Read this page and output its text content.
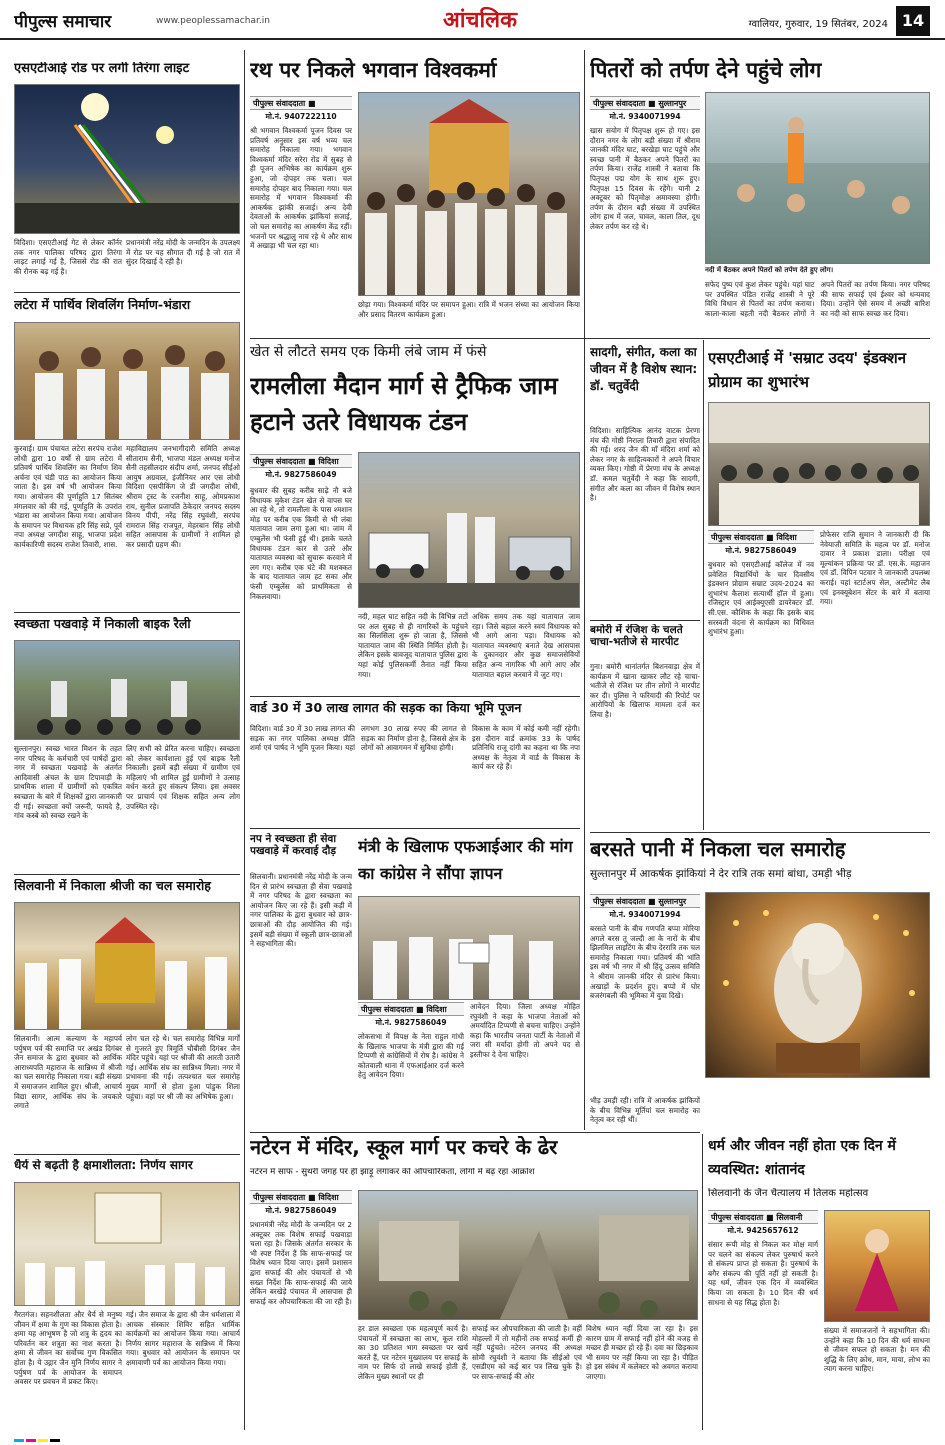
पीपुल्स समाचार	www.peoplessamachar.in	आंचलिक	ग्वालियर, गुरुवार, 19 सितंबर, 2024 14
एसएटीआई रोड पर लगी तिरंगा लाइट
विदिशा। एसएटीआई गेट से लेकर कॉर्नर तक नगर पालिका परिषद द्वारा तिरंगा लाइट लगाई गई है, जिससे रोड की रात की रौनक बढ़ गई है।
प्रधानमंत्री नरेंद्र मोदी के जन्मदिन के उपलक्ष्य में रोड पर यह सौगात दी गई है जो रात में सुंदर दिखाई दे रही है।
लटेरा में पार्थिव शिवलिंग निर्माण-भंडारा
कुरवाई। ग्राम पंचायत लटेरा सरपंच राजेश लोधी द्वारा 10 वर्षों से ग्राम लटेरा में प्रतिवर्ष पार्थिव शिवलिंग का निर्माण शिव अर्चना एवं चंडी पाठ का आयोजन किया जाता है। इस वर्ष भी आयोजन किया गया। आयोजन की पूर्णाहुति 17 सितंबर मंगलवार को की गई, पूर्णाहुति के उपरांत भंडारा का आयोजन किया गया। आयोजन के समापन पर विधायक हरि सिंह सप्रे, पूर्व नपा अध्यक्ष जगदीश साहू, भाजपा प्रदेश कार्यकारिणी सदस्य राजेश तिवारी, शास.
महाविद्यालय जनभागीदारी समिति अध्यक्ष सीताराम सैनी, भाजपा मंडल अध्यक्ष मनोज सैनी तहसीलदार संदीप शर्मा, जनपद सीईओ आयुष अग्रवाल, इंजीनियर आर एस लोधी विदिशा एसपीकिंग जे डी जगदीश लोधी, श्रीराम ट्रस्ट के रजनीश साहू, ओमप्रकाश राय, सुनील प्रजापति ठेकेदार जनपद सदस्य विनय पीपी, नरेंद्र सिंह रघुवंशी, सरपंच रामराज सिंह राजपूत, मेहरबान सिंह लोधी सहित आसपास के ग्रामीणों ने शामिल हो कर प्रसादी ग्रहण की।
स्वच्छता पखवाड़े में निकाली बाइक रैली
सुल्तानपुर। स्वच्छ भारत मिशन के तहत नगर परिषद के कर्मचारी एवं पार्षदों द्वारा नगर में स्वच्छता पखवाड़े के अंतर्गत आदिवासी अंचल के ग्राम टिपावाड़ी के प्राथमिक शाला में ग्रामीणों को एकत्रित स्वच्छता के बारे में शिक्षकों द्वारा जानकारी दी गई। स्वच्छता क्यों जरूरी, फायदे है, गांव कस्बे को स्वच्छ रखने के
लिए सभी को प्रेरित करना चाहिए। स्वच्छता को लेकर कार्यशाला हुई एवं बाइक रैली निकाली। इसमें बड़ी संख्या में ग्रामीण एवं महिलाएं भी शामिल हुईं ग्रामीणों ने उत्साह वर्धन करते हुए संकल्प लिया। इस अवसर पर प्राचार्य एवं शिक्षक सहित अन्य लोग उपस्थित रहे।
सिलवानी में निकाला श्रीजी का चल समारोह
सिलवानी। आत्म कल्याण के महापर्व पर्युषण पर्व की समाप्ति पर अखंड दिगंबर जैन समाज के द्वारा बुधवार को आर्थिक आराध्यपति महाराज के सान्निध्य में श्रीजी का चल समारोह निकाला गया। बड़ी संख्या में समाजजन शामिल हुए। श्रीजी, आचार्य विद्या सागर, आर्थिक संघ के जयकारे लगाते
लोग चल रहे थे। चल समारोह विभिन्न मार्गों से गुजरते हुए त्रिमूर्ति चौबीसी दिगंबर जैन मंदिर पहुंचे। यहां पर श्रीजी की आरती उतारी गई। आर्थिक संघ का सान्निध्य मिला। नगर में प्रभावना की गई। तत्पश्चात चल समारोह मुख्य मार्गों से होता हुआ पांडुक शिला पहुंचा। वहां पर श्री जी का अभिषेक हुआ।
धैर्य से बढ़ती है क्षमाशीलता: निर्णय सागर
गैरतगंज। सहनशीलता और धैर्य से मनुष्य जीवन में क्षमा के गुण का विकास होता है। क्षमा यह आभूषण है जो शत्रु के हृदय का परिवर्तन कर शत्रुता का नाश करता है। क्षमा से जीवन का सर्वोच्च गुण विकसित होता है। ये उद्गार जैन मुनि निर्णय सागर ने पर्युषण पर्व के आयोजन के समापन अवसर पर प्रवचन में प्रकट किए।
गई। जैन समाज के द्वारा श्री जैन धर्मशाला में आचक संस्कार शिविर सहित धार्मिक कार्यक्रमों का आयोजन किया गया। आचार्य निर्णय सागर महाराज के सान्निध्य में किया गया। बुधवार को आयोजन के समापन पर क्षमावाणी पर्व का आयोजन किया गया।
रथ पर निकले भगवान विश्वकर्मा
पीपुल्स संवाददाता ■
मो.नं. 9407222110
श्री भगवान विश्वकर्मा पूजन दिवस पर प्रतिवर्ष अनुसार इस वर्ष भव्य चल समारोह निकाला गया। भगवान विश्वकर्मा मंदिर सरेरा रोड में सुबह से ही पूजन अभिषेक का कार्यक्रम शुरू हुआ, जो दोपहर तक चला। चल समारोह दोपहर बाद निकाला गया। चल समारोह में भगवान विश्वकर्मा की आकर्षक झांकी सजाई। अन्य देवी देवताओं के आकर्षक झांकियां सजाई, जो चल समारोह का आकर्षण केंद्र रहीं। भजनों पर श्रद्धालु नाच रहे थे और साथ में अखाड़ा भी चल रहा था।
छोड़ा गया। विश्वकर्मा मंदिर पर समापन हुआ। रात्रि में भजन संध्या का आयोजन किया और प्रसाद वितरण कार्यक्रम हुआ।
पितरों को तर्पण देने पहुंचे लोग
पीपुल्स संवाददाता ■ सुल्तानपुर
मो.नं. 9340071994
खास सयोग में पितृपक्ष शुरू हो गए। इस दौरान नगर के लोग बड़ी संख्या में श्रीराम जानकी मंदिर घाट, बरखेड़ा घाट पहुंचे और स्वच्छ पानी में बैठकर अपने पितरों का तर्पण किया। राजेंद्र शास्त्री ने बताया कि पितृपक्ष पद्म योग के साथ शुरू हुए। पितृपक्ष 15 दिवस के रहेंगे। यानी 2 अक्टूबर को पितृमोक्ष अमावस्या होगी। तर्पण के दौरान बड़ी संख्या में उपस्थित लोग हाथ में जल, चावल, काला तिल, दूध लेकर तर्पण कर रहे थे।
नदी में बैठकर अपने पितरों को तर्पण देते हुए लोग।
सफेद पुष्प एवं कुश लेकर पहुंचे। यहां घाट पर उपस्थित पंडित राजेंद्र शास्त्री ने पूरे विधि विधान से पितरों का तर्पण कराया। काला-काला बहती नदी बैठकर लोगों ने अपने पितरों का तर्पण किया। नगर परिषद की साफ सफाई एवं ईश्वर को धन्यवाद दिया। उन्होंने ऐसे समय में अच्छी बारिश का नदी को साफ स्वच्छ कर दिया।
खेत से लौटते समय एक किमी लंबे जाम में फंसे
रामलीला मैदान मार्ग से ट्रैफिक जाम हटाने उतरे विधायक टंडन
पीपुल्स संवाददाता ■ विदिशा
मो.नं. 9827586049
बुधवार की सुबह करीब साढ़े नौ बजे विधायक मुकेश टंडन खेत से वापस घर आ रहे थे, तो रामलीला के पास श्मशान मोड़ पर करीब एक किमी से भी लंबा यातायात जाम लगा हुआ था। जाम में एम्बुलेंस भी फंसी हुई थी। इसके चलते विधायक टंडन कार से उतरे और यातायात व्यवस्था को सुचारू करवाने में लग गए। करीब एक घंटे की मशक्कत के बाद यातायात जाम हट सका और फंसी एम्बुलेंस को प्राथमिकता से निकलवाया।
नदी, महल घाट सहित नदी के विभिन्न तटों पर अल सुबह से ही नागरिकों के पहुंचने का सिलसिला शुरू हो जाता है, जिससे यातायात जाम की स्थिति निर्मित होती है। लेकिन इसके बावजूद यातायात पुलिस द्वारा यहां कोई पुलिसकर्मी तैनात नहीं किया गया।
अधिक समय तक यहां यातायात जाम रहा। जिसे बहाल करने स्वयं विधायक को भी आगे आना पड़ा। विधायक को यातायात व्यवस्थाएं बनाते देख आसपास के दुकानदार और कुछ समाजसेवियों सहित अन्य नागरिक भी आगे आए और यातायात बहाल करवाने में जुट गए।
वार्ड 30 में 30 लाख लागत की सड़क का किया भूमि पूजन
विदिशा। वार्ड 30 में 30 लाख लागत की सड़क का नगर पालिका अध्यक्ष प्रीति शर्मा एवं पार्षद ने भूमि पूजन किया। यहां लगभग 30 लाख रुपए की लागत से सड़क का निर्माण होना है, जिससे क्षेत्र के लोगों को आवागमन में सुविधा होगी।
विकास के काम में कोई कमी नहीं रहेगी। इस दौरान वार्ड क्रमांक 33 के पार्षद प्रतिनिधि राजू दांगी का कहना था कि नपा अध्यक्ष के नेतृत्व में वार्ड के विकास के कार्य कर रहे हैं।
नप ने स्वच्छता ही सेवा पखवाड़े में करवाई दौड़
सिलवानी। प्रधानमंत्री नरेंद्र मोदी के जन्म दिन से प्रारंभ स्वच्छता ही सेवा पखवाड़े में नगर परिषद के द्वारा स्वच्छता का आयोजन किए जा रहे हैं। इसी कड़ी में नगर पालिका के द्वारा बुधवार को छात्र-छात्राओं की दौड़ आयोजित की गई। इसमें बड़ी संख्या में स्कूली छात्र-छात्राओं ने सहभागिता की।
मंत्री के खिलाफ एफआईआर की मांग का कांग्रेस ने सौंपा ज्ञापन
पीपुल्स संवाददाता ■ विदिशा
मो.नं. 9827586049
लोकसभा में विपक्ष के नेता राहुल गांधी के खिलाफ भाजपा के मंत्री द्वारा की गई टिप्पणी से कांग्रेसियों में रोष है। कांग्रेस ने कोतवाली थाना में एफआईआर दर्ज करने हेतु आवेदन दिया।
आवेदन दिया। जिला अध्यक्ष मोहित रघुवंशी ने कहा के भाजपा नेताओं को अमर्यादित टिप्पणी से बचना चाहिए। उन्होंने कहा कि भारतीय जनता पार्टी के नेताओं में जरा सी मर्यादा होगी तो अपने पद से इस्तीफा दे देना चाहिए।
सादगी, संगीत, कला का जीवन में है विशेष स्थान: डॉ. चतुर्वेदी
विदिशा। साहित्यिक आनंद वाटक प्रेरणा मंच की गोष्ठी निराला तिवारी द्वारा संपादित की गई। शरद जैन की माँ मंदिरा शर्मा को लेकर नगर के साहित्यकारों ने अपने विचार व्यक्त किए। गोष्ठी में प्रेरणा मंच के अध्यक्ष डॉ. कमल चतुर्वेदी ने कहा कि सादगी, संगीत और कला का जीवन में विशेष स्थान है।
बमोरी में रंजिश के चलते चाचा-भतीजे से मारपीट
गुना। बमोरी थानांतर्गत बिशनवाड़ा क्षेत्र में कार्यक्रम में खाना खाकर लौट रहे चाचा-भतीजे से रंजिश पर तीन लोगों ने मारपीट कर दी। पुलिस ने फरियादी की रिपोर्ट पर आरोपियों के खिलाफ मामला दर्ज कर लिया है।
एसएटीआई में 'सम्राट उदय' इंडक्शन प्रोग्राम का शुभारंभ
पीपुल्स संवाददाता ■ विदिशा
मो.नं. 9827586049
बुधवार को एसएटीआई कॉलेज में नव प्रवेशित विद्यार्थियों के चार दिवसीय इंडक्शन प्रोग्राम सम्राट उदय-2024 का शुभारंभ कैलाश सत्यार्थी हॉल में हुआ। रजिस्ट्रार एवं आईक्यूएसी डायरेक्टर डॉ. सी.एस. कौशिक के कहा कि इसके बाद सरस्वती वंदना से कार्यक्रम का विधिवत शुभारंभ हुआ।
प्रोफेसर राजि सुमान ने जानकारी दी कि नेवेयाजी समिति के महत्व पर डॉ. मनोज दावार ने प्रकाश डाला। परीक्षा एवं मूल्यांकन प्रक्रिया पर डॉ. एस.के. महाजन एवं डॉ. विपिन पटवार ने जानकारी उपलब्ध कराई। यहां स्टार्टअप सेल, अल्टीमेट लैब एवं इनक्यूबेशन सेंटर के बारे में बताया गया।
बरसते पानी में निकला चल समारोह
सुल्तानपुर में आकर्षक झांकियां ने देर रात्रि तक समां बांधा, उमड़ी भीड़
पीपुल्स संवाददाता ■ सुल्तानपुर
मो.नं. 9340071994
बरसते पानी के बीच गणपति बप्पा मोरिया अगले बरस तू जल्दी आ के नारों के बीच झिलमिल लाइटिंग के बीच देररात्रि तक चल समारोह निकाला गया। प्रतिवर्ष की भांति इस वर्ष भी नगर में श्री हिंदू उत्सव समिति ने श्रीराम जानकी मंदिर से प्रारंभ किया। अखाड़ों के प्रदर्शन हुए। बप्पो में घोर बजरंगबली की भूमिका में युवा दिखे।
भीड़ उमड़ी रही। रात्रि में आकर्षक झांकियों के बीच विभिन्न मूर्तियां चल समारोह का नेतृत्व कर रही थीं।
नटेरन में मंदिर, स्कूल मार्ग पर कचरे के ढेर
नटेरन में साफ - सुथरी जगह पर ही झाड़ू लगाकर की औपचारिकता, लोगों में बढ़ रहा आक्रोश
पीपुल्स संवाददाता ■ विदिशा
मो.नं. 9827586049
प्रधानमंत्री नरेंद्र मोदी के जन्मदिन पर 2 अक्टूबर तक विशेष सफाई पखवाड़ा चला रहा है। जिसके अंतर्गत सरकार के भी स्पष्ट निर्देश हैं कि साफ-सफाई पर विशेष ध्यान दिया जाए। इसमें प्रशासन द्वारा सफाई की ओर पंचायतों से भी सख्त निर्देश कि साफ-सफाई की जाये लेकिन बरखेड़े पंचायत में आसपास ही सफाई कर औपचारिकता की जा रही है।
हर डाल स्वच्छता एक महत्वपूर्ण कार्य है। पंचायतों में स्वच्छता का लाभ, कूल राशि का 30 प्रतिशत भाग स्वच्छता पर खर्च करते हैं, पर नटेरन मुख्यालय पर सफाई के नाम पर सिर्फ दो लाखे सफाई होती हैं, लेकिन मुख्य स्थानों पर ही
सफाई कर औपचारिकता की जाती है। वहीं मोहल्लों में तो महीनों तक सफाई कर्मी ही नहीं पहुंचते। नटेरन जनपद की अध्यक्ष सोमी रघुवंशी ने बताया कि सीईओ एवं एसडीएम को कई बार पत्र लिख चुके हैं। पर साफ-सफाई की ओर
विशेष ध्यान नहीं दिया जा रहा है। इस कारण ग्राम में सफाई नहीं होने की वजह से मच्छर ही मच्छर हो रहे हैं। दवा का छिड़काव भी समय पर नहीं किया जा रहा है। पीड़ित हो इस संबंध में कलेक्टर को अवगत कराया जाएगा।
धर्म और जीवन नहीं होता एक दिन में व्यवस्थित: शांतानंद
सिलवानी के जैन चैत्यालय में तिलक महोत्सव
पीपुल्स संवाददाता ■ सिलवानी
मो.नं. 9425657612
संसार रूपी मोह से निकल कर मोक्ष मार्ग पर चलने का संकल्प लेकर पुरुषार्थ करने से संकल्प प्राप्त हो सकता है। पुरुषार्थ के बगैर संकल्प की पूर्ति नहीं हो सकती है। यह धर्म, जीवन एक दिन में व्यवस्थित किया जा सकता है। 10 दिन की धर्म साधना से यह सिद्ध होता है।
संख्या में समाजजनों ने सहभागिता की। उन्होंने कहा कि 10 दिन की धर्म साधना से जीवन सफल हो सकता है। मन की शुद्धि के लिए क्रोध, मान, माया, लोभ का त्याग करना चाहिए।
